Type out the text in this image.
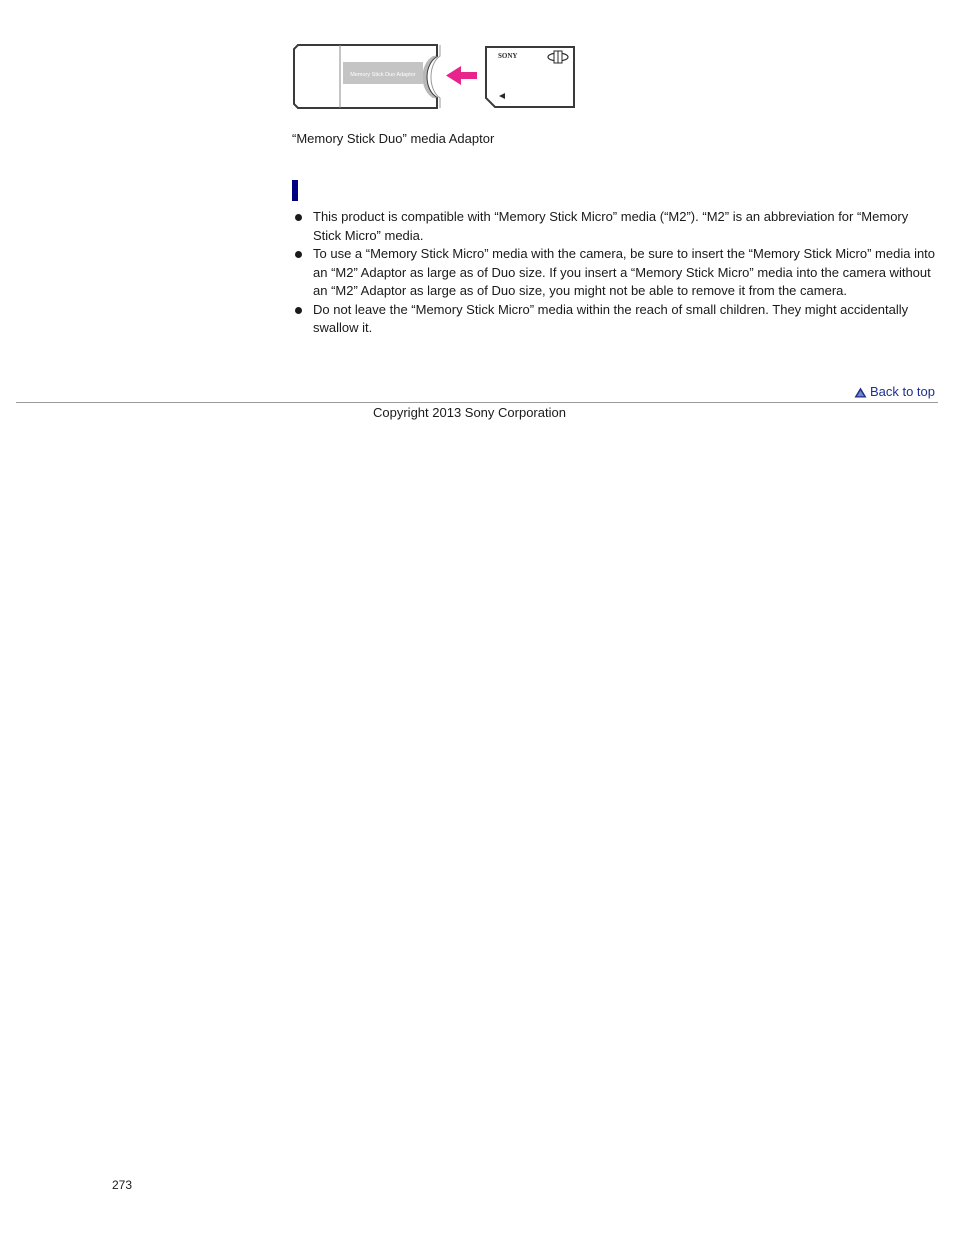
Memory Stick Duo Adaptor
SONY
“Memory Stick Duo” media Adaptor
This product is compatible with “Memory Stick Micro” media (“M2”). “M2” is an abbreviation for “Memory Stick Micro” media.
To use a “Memory Stick Micro” media with the camera, be sure to insert the “Memory Stick Micro” media into an “M2” Adaptor as large as of Duo size. If you insert a “Memory Stick Micro” media into the camera without an “M2” Adaptor as large as of Duo size, you might not be able to remove it from the camera.
Do not leave the “Memory Stick Micro” media within the reach of small children. They might accidentally swallow it.
Back to top
Copyright 2013 Sony Corporation
273
